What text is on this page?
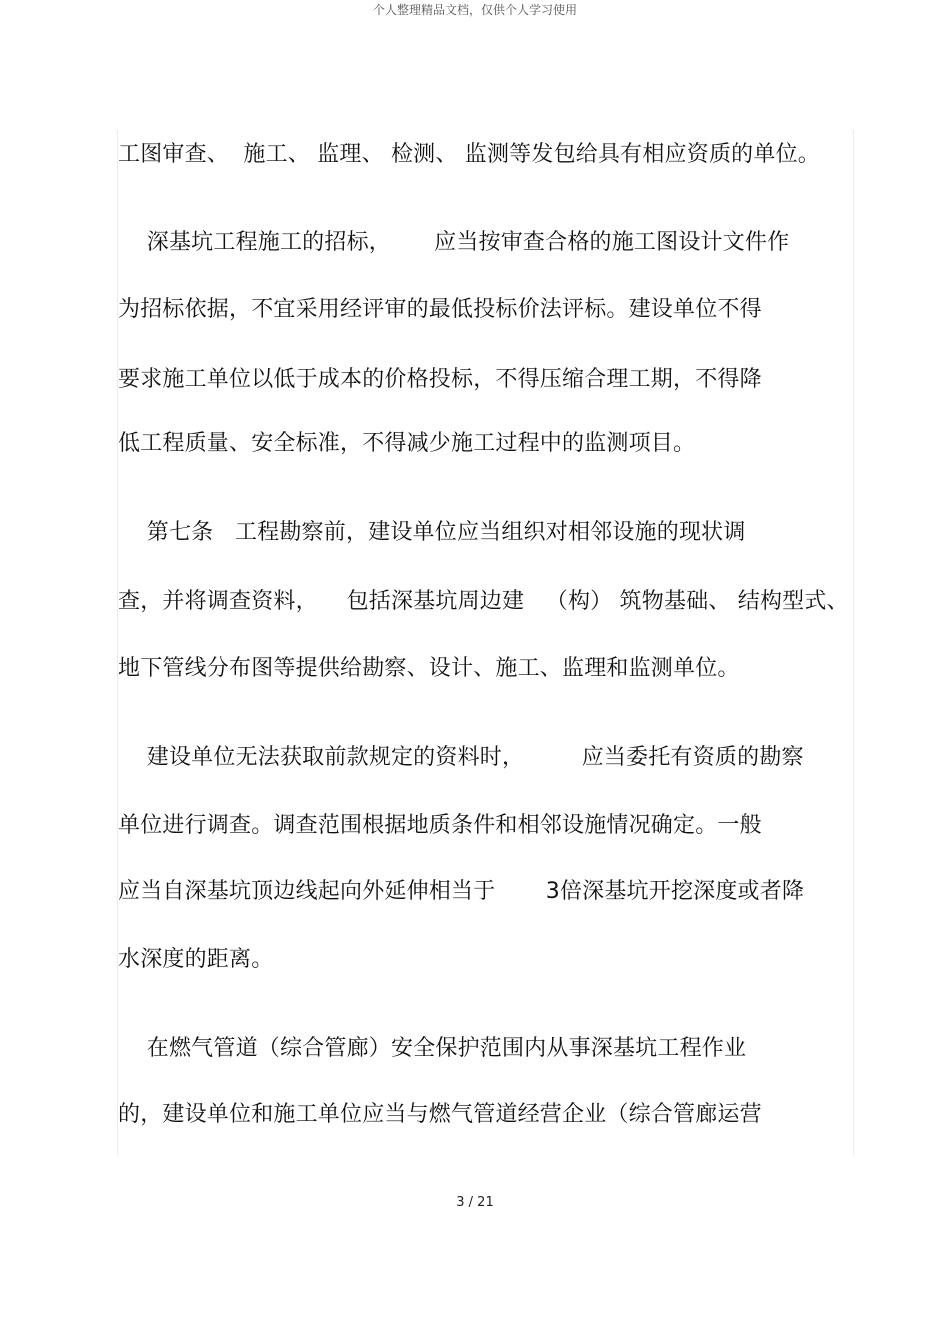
个人整理精品文档，仅供个人学习使用
工图审查、  施工、 监理、 检测、 监测等发包给具有相应资质的单位。
深基坑工程施工的招标，      应当按审查合格的施工图设计文件作
为招标依据，不宜采用经评审的最低投标价法评标。建设单位不得
要求施工单位以低于成本的价格投标，不得压缩合理工期，不得降
低工程质量、安全标准，不得减少施工过程中的监测项目。
第七条   工程勘察前，建设单位应当组织对相邻设施的现状调
查，并将调查资料，    包括深基坑周边建   （构） 筑物基础、 结构型式、
地下管线分布图等提供给勘察、设计、施工、监理和监测单位。
建设单位无法获取前款规定的资料时，        应当委托有资质的勘察
单位进行调查。调查范围根据地质条件和相邻设施情况确定。一般
应当自深基坑顶边线起向外延伸相当于       3倍深基坑开挖深度或者降
水深度的距离。
在燃气管道（综合管廊）安全保护范围内从事深基坑工程作业
的，建设单位和施工单位应当与燃气管道经营企业（综合管廊运营
3 / 21
